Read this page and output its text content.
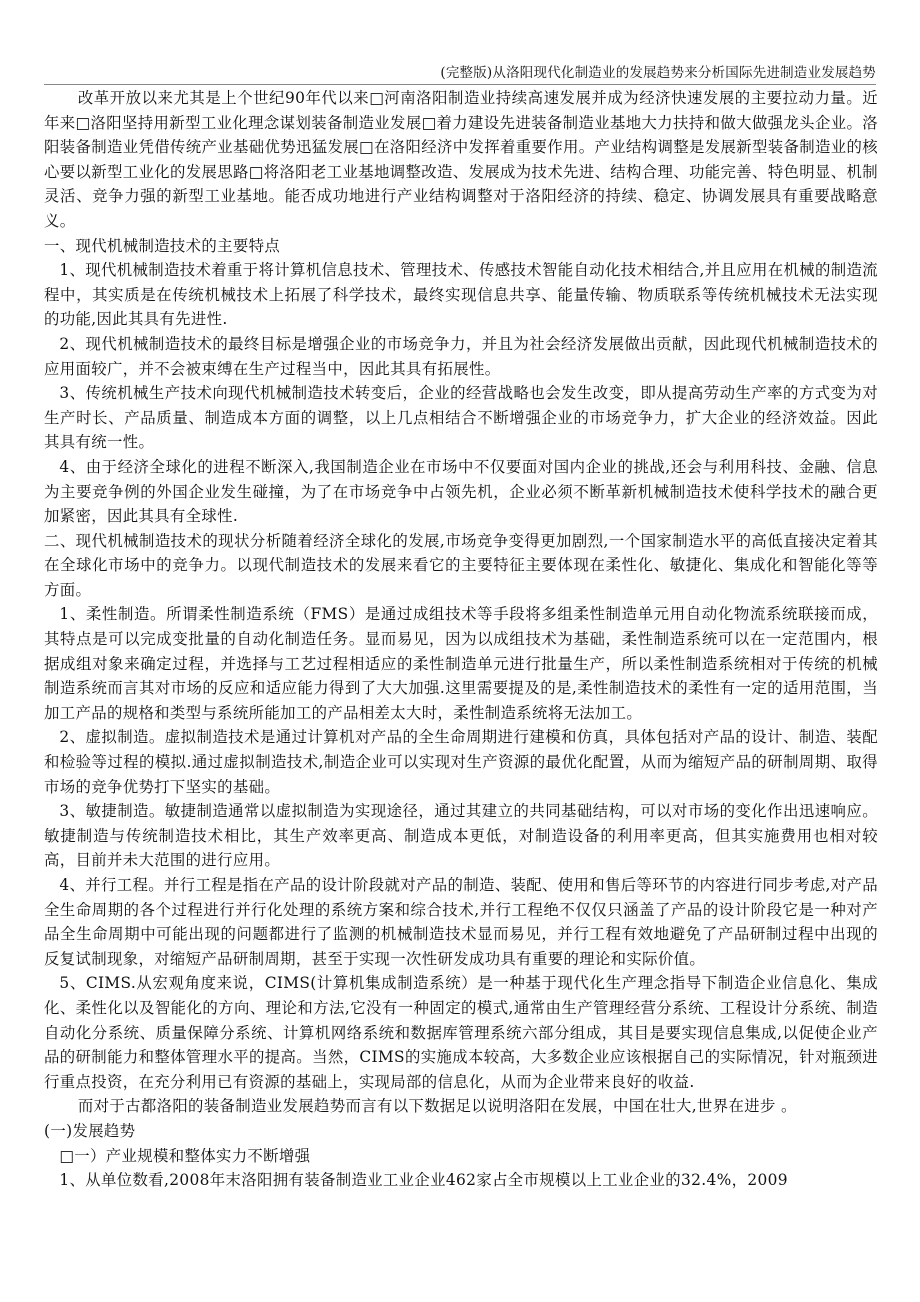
(完整版)从洛阳现代化制造业的发展趋势来分析国际先进制造业发展趋势

改革开放以来尤其是上个世纪90年代以来□河南洛阳制造业持续高速发展并成为经济快速发展的主要拉动力量。近年来□洛阳坚持用新型工业化理念谋划装备制造业发展□着力建设先进装备制造业基地大力扶持和做大做强龙头企业。洛阳装备制造业凭借传统产业基础优势迅猛发展□在洛阳经济中发挥着重要作用。产业结构调整是发展新型装备制造业的核心要以新型工业化的发展思路□将洛阳老工业基地调整改造、发展成为技术先进、结构合理、功能完善、特色明显、机制灵活、竞争力强的新型工业基地。能否成功地进行产业结构调整对于洛阳经济的持续、稳定、协调发展具有重要战略意义。

一、现代机械制造技术的主要特点

1、现代机械制造技术着重于将计算机信息技术、管理技术、传感技术智能自动化技术相结合,并且应用在机械的制造流程中，其实质是在传统机械技术上拓展了科学技术，最终实现信息共享、能量传输、物质联系等传统机械技术无法实现的功能,因此其具有先进性.

2、现代机械制造技术的最终目标是增强企业的市场竞争力，并且为社会经济发展做出贡献，因此现代机械制造技术的应用面较广，并不会被束缚在生产过程当中，因此其具有拓展性。

3、传统机械生产技术向现代机械制造技术转变后，企业的经营战略也会发生改变，即从提高劳动生产率的方式变为对生产时长、产品质量、制造成本方面的调整，以上几点相结合不断增强企业的市场竞争力，扩大企业的经济效益。因此其具有统一性。

4、由于经济全球化的进程不断深入,我国制造企业在市场中不仅要面对国内企业的挑战,还会与利用科技、金融、信息为主要竞争例的外国企业发生碰撞，为了在市场竞争中占领先机，企业必须不断革新机械制造技术使科学技术的融合更加紧密，因此其具有全球性.

二、现代机械制造技术的现状分析随着经济全球化的发展,市场竞争变得更加剧烈,一个国家制造水平的高低直接决定着其在全球化市场中的竞争力。以现代制造技术的发展来看它的主要特征主要体现在柔性化、敏捷化、集成化和智能化等等方面。

1、柔性制造。所谓柔性制造系统（FMS）是通过成组技术等手段将多组柔性制造单元用自动化物流系统联接而成，其特点是可以完成变批量的自动化制造任务。显而易见，因为以成组技术为基础，柔性制造系统可以在一定范围内，根据成组对象来确定过程，并选择与工艺过程相适应的柔性制造单元进行批量生产，所以柔性制造系统相对于传统的机械制造系统而言其对市场的反应和适应能力得到了大大加强.这里需要提及的是,柔性制造技术的柔性有一定的适用范围，当加工产品的规格和类型与系统所能加工的产品相差太大时，柔性制造系统将无法加工。

2、虚拟制造。虚拟制造技术是通过计算机对产品的全生命周期进行建模和仿真，具体包括对产品的设计、制造、装配和检验等过程的模拟.通过虚拟制造技术,制造企业可以实现对生产资源的最优化配置，从而为缩短产品的研制周期、取得市场的竞争优势打下坚实的基础。

3、敏捷制造。敏捷制造通常以虚拟制造为实现途径，通过其建立的共同基础结构，可以对市场的变化作出迅速响应。敏捷制造与传统制造技术相比，其生产效率更高、制造成本更低，对制造设备的利用率更高，但其实施费用也相对较高，目前并未大范围的进行应用。

4、并行工程。并行工程是指在产品的设计阶段就对产品的制造、装配、使用和售后等环节的内容进行同步考虑,对产品全生命周期的各个过程进行并行化处理的系统方案和综合技术,并行工程绝不仅仅只涵盖了产品的设计阶段它是一种对产品全生命周期中可能出现的问题都进行了监测的机械制造技术显而易见，并行工程有效地避免了产品研制过程中出现的反复试制现象，对缩短产品研制周期，甚至于实现一次性研发成功具有重要的理论和实际价值。

5、CIMS.从宏观角度来说，CIMS(计算机集成制造系统）是一种基于现代化生产理念指导下制造企业信息化、集成化、柔性化以及智能化的方向、理论和方法,它没有一种固定的模式,通常由生产管理经营分系统、工程设计分系统、制造自动化分系统、质量保障分系统、计算机网络系统和数据库管理系统六部分组成，其目是要实现信息集成,以促使企业产品的研制能力和整体管理水平的提高。当然，CIMS的实施成本较高，大多数企业应该根据自己的实际情况，针对瓶颈进行重点投资，在充分利用已有资源的基础上，实现局部的信息化，从而为企业带来良好的收益.

而对于古都洛阳的装备制造业发展趋势而言有以下数据足以说明洛阳在发展，中国在壮大,世界在进步 。

(一)发展趋势

□一）产业规模和整体实力不断增强

1、从单位数看,2008年末洛阳拥有装备制造业工业企业462家占全市规模以上工业企业的32.4%，2009
